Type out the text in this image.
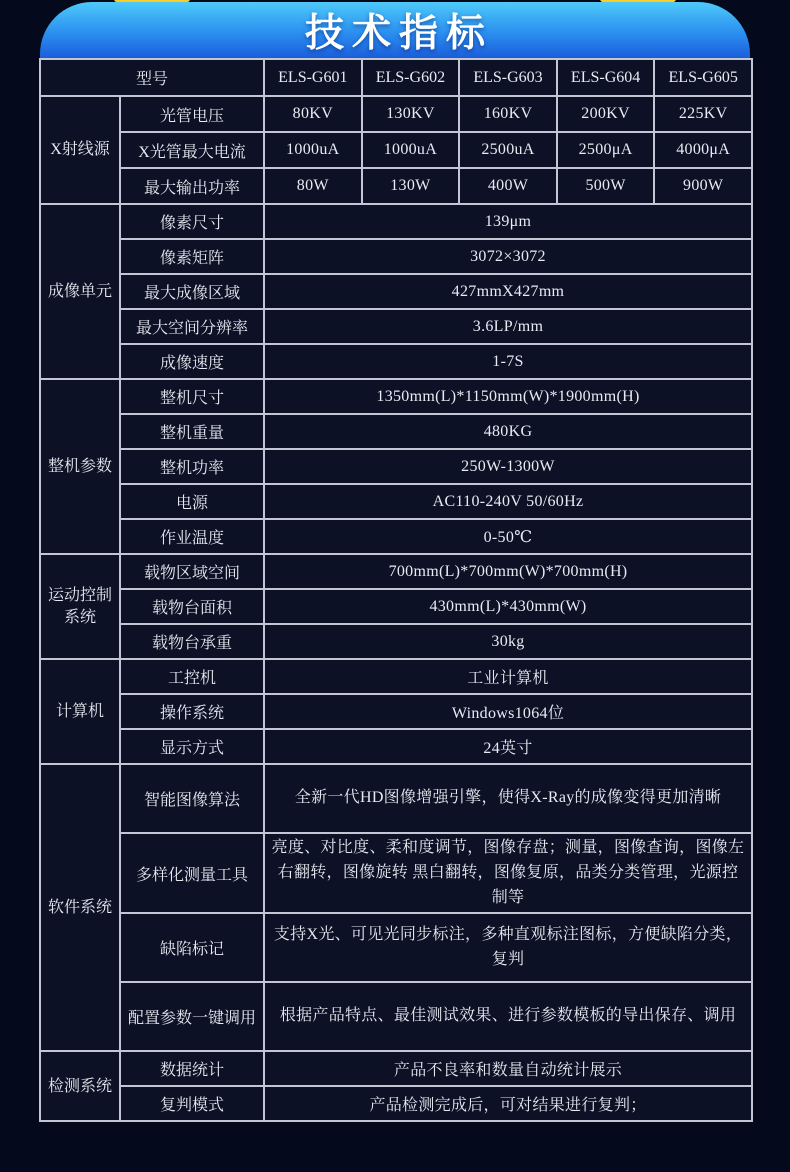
技术指标
型号		ELS-G601	ELS-G602	ELS-G603	ELS-G604	ELS-G605
X射线源	光管电压	80KV	130KV	160KV	200KV	225KV
	X光管最大电流	1000uA	1000uA	2500uA	2500μA	4000μA
	最大输出功率	80W	130W	400W	500W	900W
成像单元	像素尺寸	139μm				
	像素矩阵	3072×3072				
	最大成像区域	427mmX427mm				
	最大空间分辨率	3.6LP/mm				
	成像速度	1-7S				
整机参数	整机尺寸	1350mm(L)*1150mm(W)*1900mm(H)				
	整机重量	480KG				
	整机功率	250W-1300W				
	电源	AC110-240V 50/60Hz				
	作业温度	0-50℃				
运动控制系统	载物区域空间	700mm(L)*700mm(W)*700mm(H)				
	载物台面积	430mm(L)*430mm(W)				
	载物台承重	30kg				
计算机	工控机	工业计算机				
	操作系统	Windows1064位				
	显示方式	24英寸				
软件系统	智能图像算法	全新一代HD图像增强引擎，使得X-Ray的成像变得更加清晰				
	多样化测量工具	亮度、对比度、柔和度调节，图像存盘；测量，图像查询，图像左右翻转，图像旋转 黑白翻转，图像复原，品类分类管理，光源控制等				
	缺陷标记	支持X光、可见光同步标注，多种直观标注图标，方便缺陷分类，复判				
	配置参数一键调用	根据产品特点、最佳测试效果、进行参数模板的导出保存、调用				
检测系统	数据统计	产品不良率和数量自动统计展示				
	复判模式	产品检测完成后，可对结果进行复判；				
